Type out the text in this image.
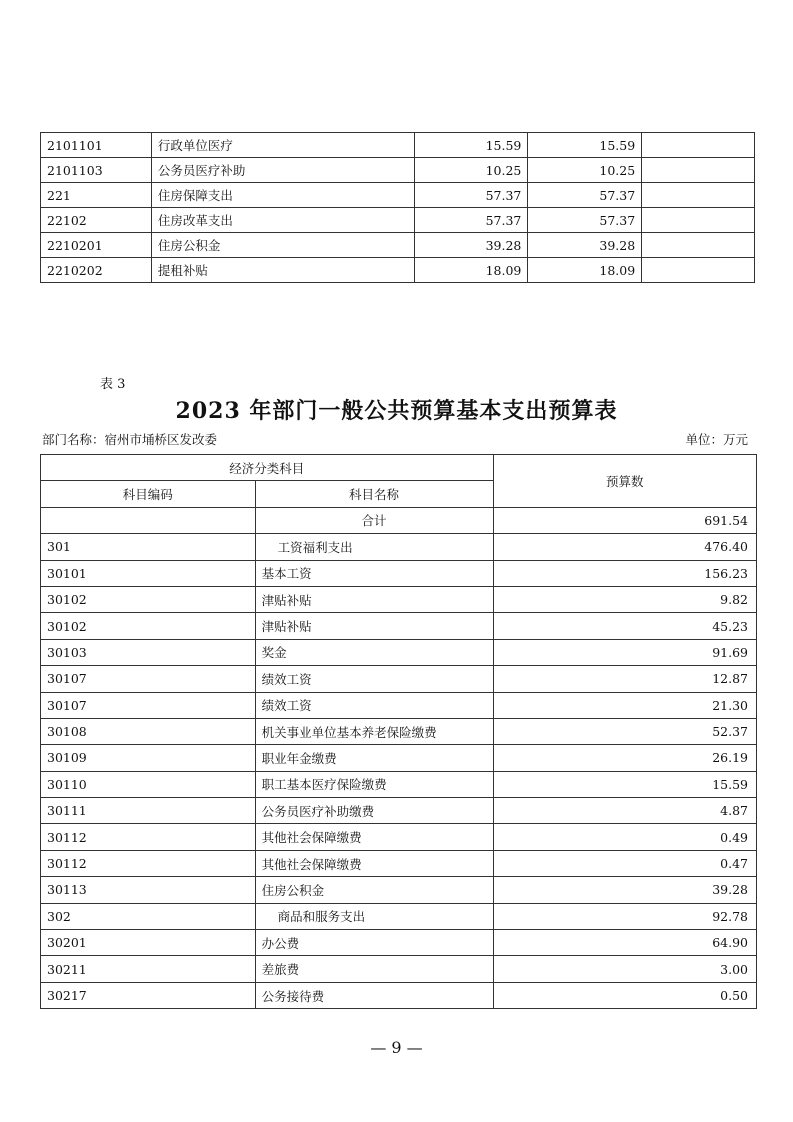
2101101	行政单位医疗	15.59	15.59	
2101103	公务员医疗补助	10.25	10.25	
221	住房保障支出	57.37	57.37	
22102	住房改革支出	57.37	57.37	
2210201	住房公积金	39.28	39.28	
2210202	提租补贴	18.09	18.09	
表 3
2023 年部门一般公共预算基本支出预算表
部门名称：宿州市埇桥区发改委	单位：万元
经济分类科目		预算数
科目编码	科目名称	
	合计	691.54
301	工资福利支出	476.40
30101	基本工资	156.23
30102	津贴补贴	9.82
30102	津贴补贴	45.23
30103	奖金	91.69
30107	绩效工资	12.87
30107	绩效工资	21.30
30108	机关事业单位基本养老保险缴费	52.37
30109	职业年金缴费	26.19
30110	职工基本医疗保险缴费	15.59
30111	公务员医疗补助缴费	4.87
30112	其他社会保障缴费	0.49
30112	其他社会保障缴费	0.47
30113	住房公积金	39.28
302	商品和服务支出	92.78
30201	办公费	64.90
30211	差旅费	3.00
30217	公务接待费	0.50
— 9 —
